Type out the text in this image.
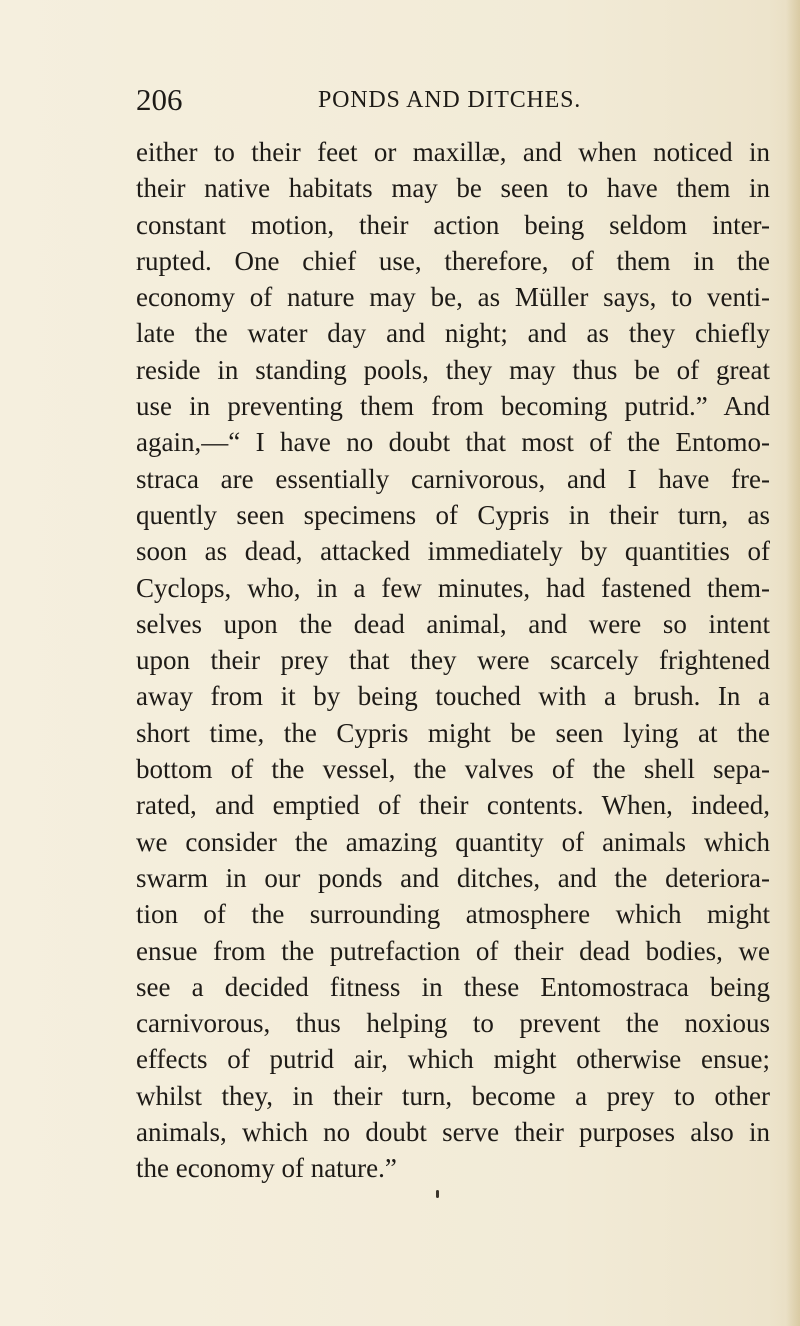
206	PONDS AND DITCHES.
either to their feet or maxillæ, and when noticed in
their native habitats may be seen to have them in
constant motion, their action being seldom inter-
rupted. One chief use, therefore, of them in the
economy of nature may be, as Müller says, to venti-
late the water day and night; and as they chiefly
reside in standing pools, they may thus be of great
use in preventing them from becoming putrid.” And
again,—“ I have no doubt that most of the Entomo-
straca are essentially carnivorous, and I have fre-
quently seen specimens of Cypris in their turn, as
soon as dead, attacked immediately by quantities of
Cyclops, who, in a few minutes, had fastened them-
selves upon the dead animal, and were so intent
upon their prey that they were scarcely frightened
away from it by being touched with a brush. In a
short time, the Cypris might be seen lying at the
bottom of the vessel, the valves of the shell sepa-
rated, and emptied of their contents. When, indeed,
we consider the amazing quantity of animals which
swarm in our ponds and ditches, and the deteriora-
tion of the surrounding atmosphere which might
ensue from the putrefaction of their dead bodies, we
see a decided fitness in these Entomostraca being
carnivorous, thus helping to prevent the noxious
effects of putrid air, which might otherwise ensue;
whilst they, in their turn, become a prey to other
animals, which no doubt serve their purposes also in
the economy of nature.”
